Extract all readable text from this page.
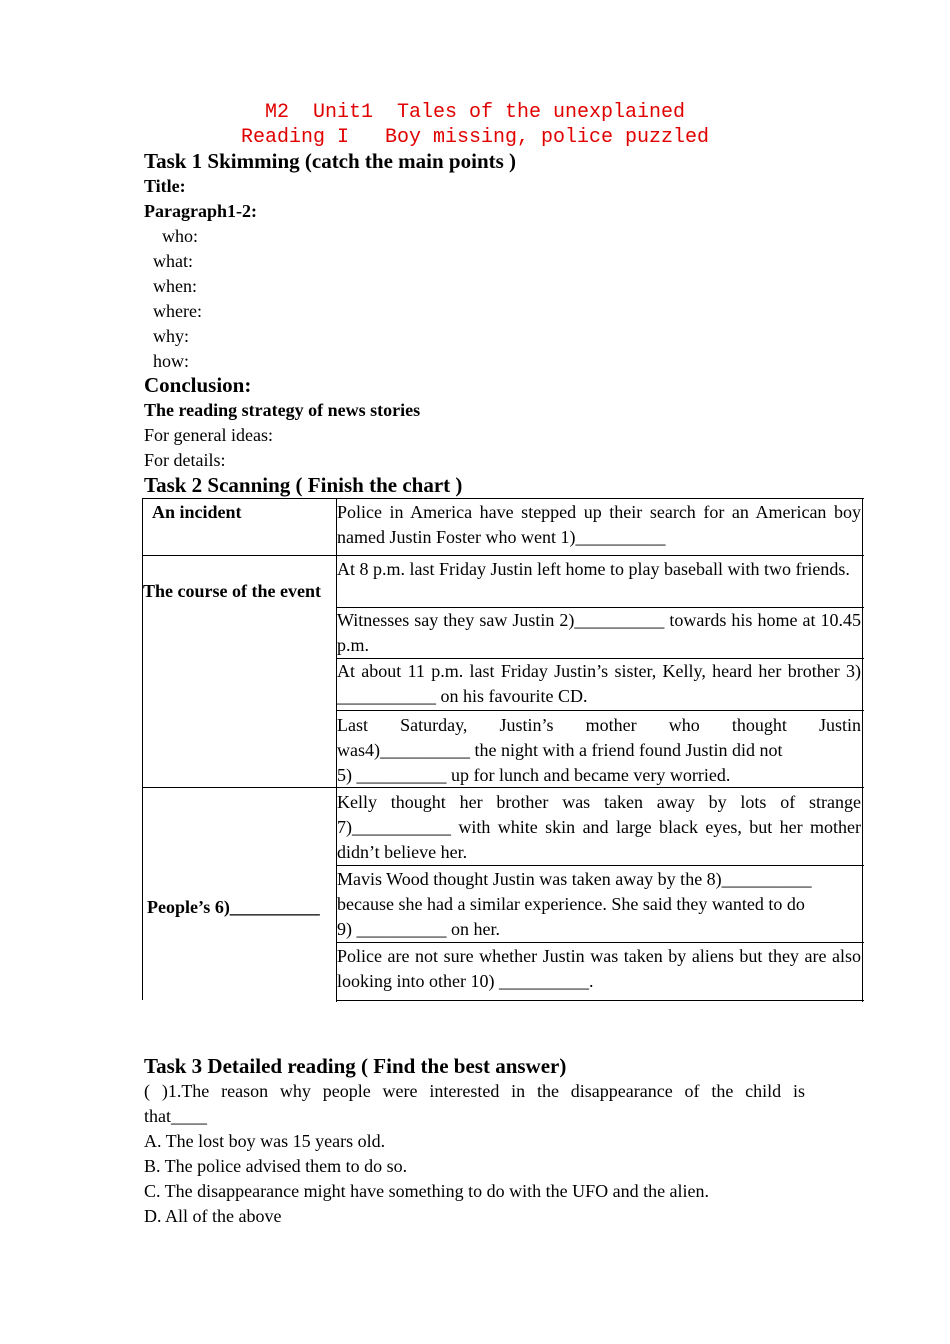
M2  Unit1  Tales of the unexplained
Reading I   Boy missing, police puzzled
Task 1 Skimming (catch the main points )
Title:
Paragraph1-2:
who:
what:
when:
where:
why:
how:
Conclusion:
The reading strategy of news stories
For general ideas:
For details:
Task 2 Scanning ( Finish the chart )
An incident
The course of the event
People’s 6)__________
Police in America have stepped up their search for an American boy named Justin Foster who went 1)__________
At 8 p.m. last Friday Justin left home to play baseball with two friends.
Witnesses say they saw Justin 2)__________ towards his home at 10.45 p.m.
At about 11 p.m. last Friday Justin’s sister, Kelly, heard her brother 3) ___________ on his favourite CD.
Last Saturday, Justin’s mother who thought Justin
was4)__________ the night with a friend found Justin did not
5) __________ up for lunch and became very worried.
Kelly thought her brother was taken away by lots of strange 7)___________ with white skin and large black eyes, but her mother didn’t believe her.
Mavis Wood thought Justin was taken away by the 8)__________
because she had a similar experience. She said they wanted to do
9) __________ on her.
Police are not sure whether Justin was taken by aliens but they are also looking into other 10) __________.
Task 3 Detailed reading ( Find the best answer)
( )1.The reason why people were interested in the disappearance of the child is
that____
A. The lost boy was 15 years old.
B. The police advised them to do so.
C. The disappearance might have something to do with the UFO and the alien.
D. All of the above
